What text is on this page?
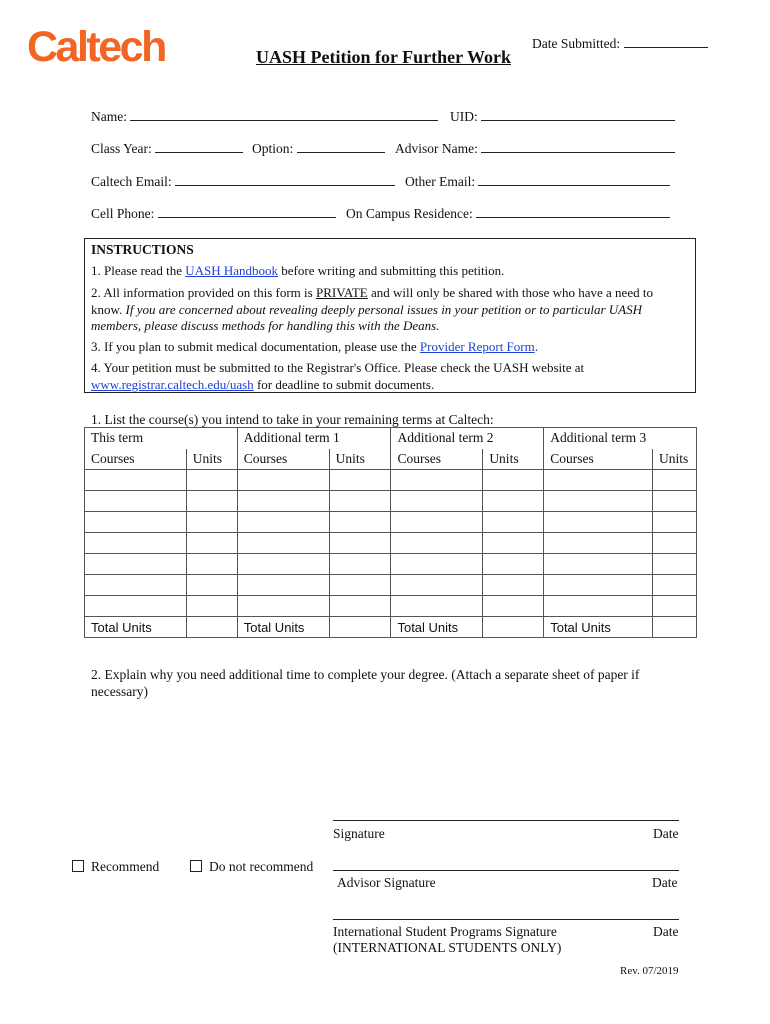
Caltech	UASH Petition for Further Work
Date Submitted:
Name:	UID:
Class Year:	Option:	Advisor Name:
Caltech Email:	Other Email:
Cell Phone:	On Campus Residence:
INSTRUCTIONS
1. Please read the UASH Handbook before writing and submitting this petition.
2. All information provided on this form is PRIVATE and will only be shared with those who have a need to know. If you are concerned about revealing deeply personal issues in your petition or to particular UASH members, please discuss methods for handling this with the Deans.
3. If you plan to submit medical documentation, please use the Provider Report Form.
4. Your petition must be submitted to the Registrar's Office. Please check the UASH website at www.registrar.caltech.edu/uash for deadline to submit documents.
1. List the course(s) you intend to take in your remaining terms at Caltech:
This term		Additional term 1		Additional term 2		Additional term 3	
Courses	Units	Courses	Units	Courses	Units	Courses	Units

Total Units		Total Units		Total Units		Total Units	
2. Explain why you need additional time to complete your degree. (Attach a separate sheet of paper if necessary)
Signature	Date
Recommend	Do not recommend
Advisor Signature	Date
International Student Programs Signature	Date
(INTERNATIONAL STUDENTS ONLY)
Rev. 07/2019
